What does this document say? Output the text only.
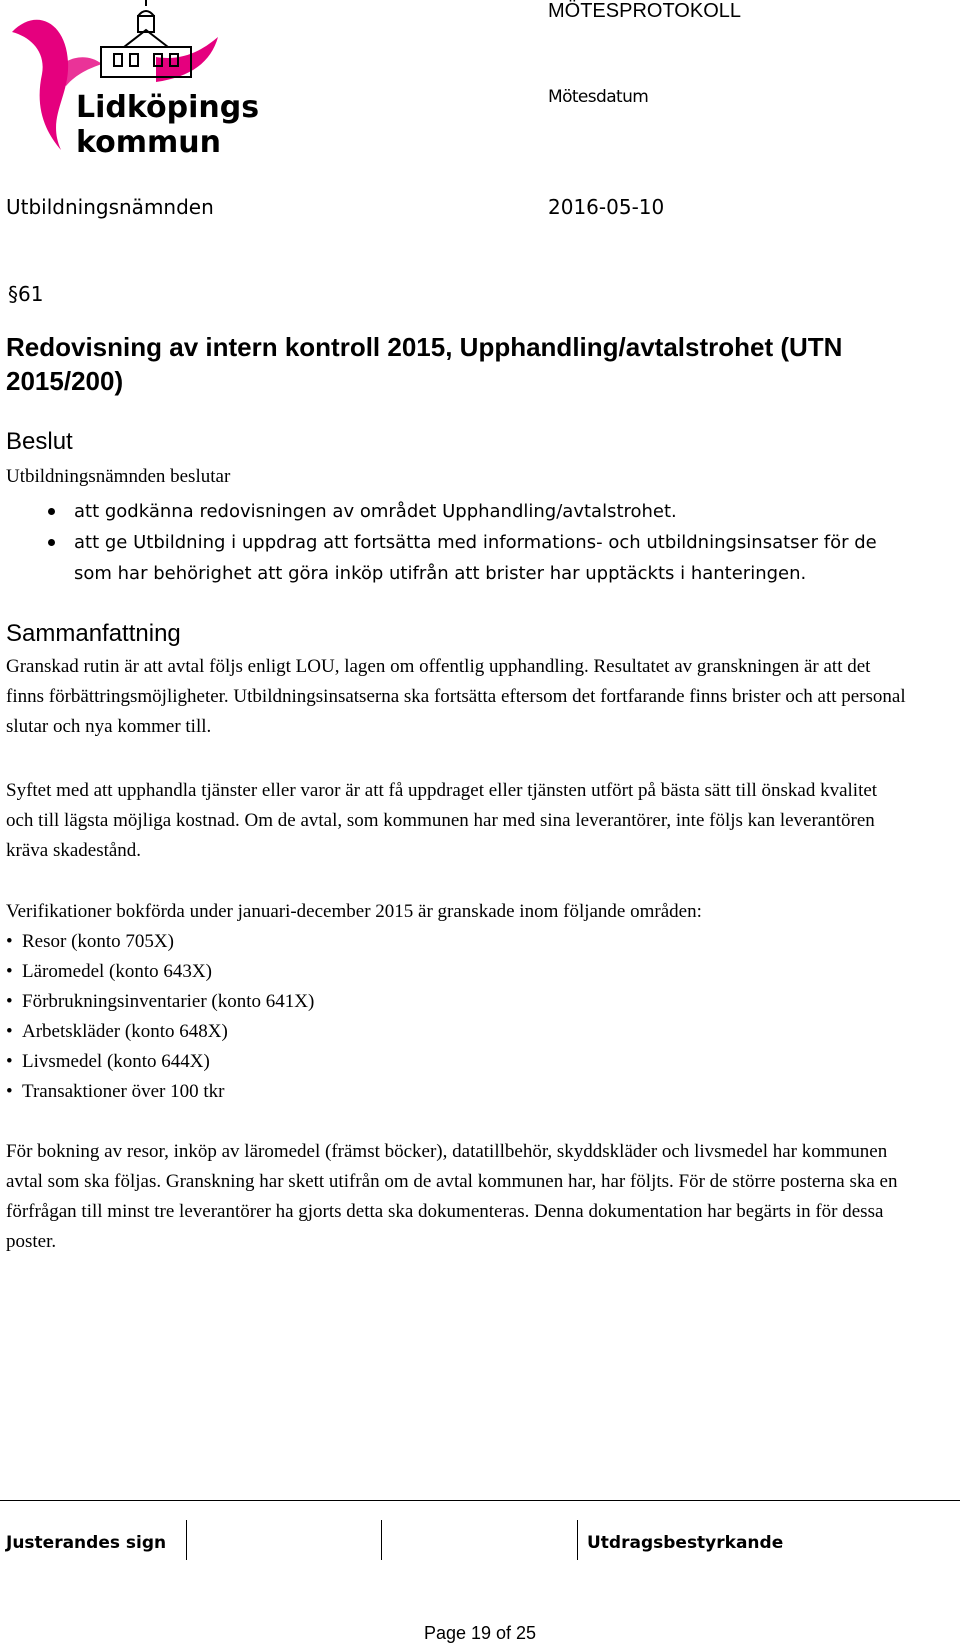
Lidköpings
kommun
MÖTESPROTOKOLL
Mötesdatum
Utbildningsnämnden	2016-05-10
§61
Redovisning av intern kontroll 2015, Upphandling/avtalstrohet (UTN 2015/200)
Beslut
Utbildningsnämnden beslutar
att godkänna redovisningen av området Upphandling/avtalstrohet.
att ge Utbildning i uppdrag att fortsätta med informations- och utbildningsinsatser för de som har behörighet att göra inköp utifrån att brister har upptäckts i hanteringen.
Sammanfattning
Granskad rutin är att avtal följs enligt LOU, lagen om offentlig upphandling. Resultatet av granskningen är att det finns förbättringsmöjligheter. Utbildningsinsatserna ska fortsätta eftersom det fortfarande finns brister och att personal slutar och nya kommer till.
Syftet med att upphandla tjänster eller varor är att få uppdraget eller tjänsten utfört på bästa sätt till önskad kvalitet och till lägsta möjliga kostnad. Om de avtal, som kommunen har med sina leverantörer, inte följs kan leverantören kräva skadestånd.
Verifikationer bokförda under januari-december 2015 är granskade inom följande områden:
• Resor (konto 705X)
• Läromedel (konto 643X)
• Förbrukningsinventarier (konto 641X)
• Arbetskläder (konto 648X)
• Livsmedel (konto 644X)
• Transaktioner över 100 tkr
För bokning av resor, inköp av läromedel (främst böcker), datatillbehör, skyddskläder och livsmedel har kommunen avtal som ska följas. Granskning har skett utifrån om de avtal kommunen har, har följts. För de större posterna ska en förfrågan till minst tre leverantörer ha gjorts detta ska dokumenteras. Denna dokumentation har begärts in för dessa poster.
Justerandes sign	Utdragsbestyrkande
Page 19 of 25
